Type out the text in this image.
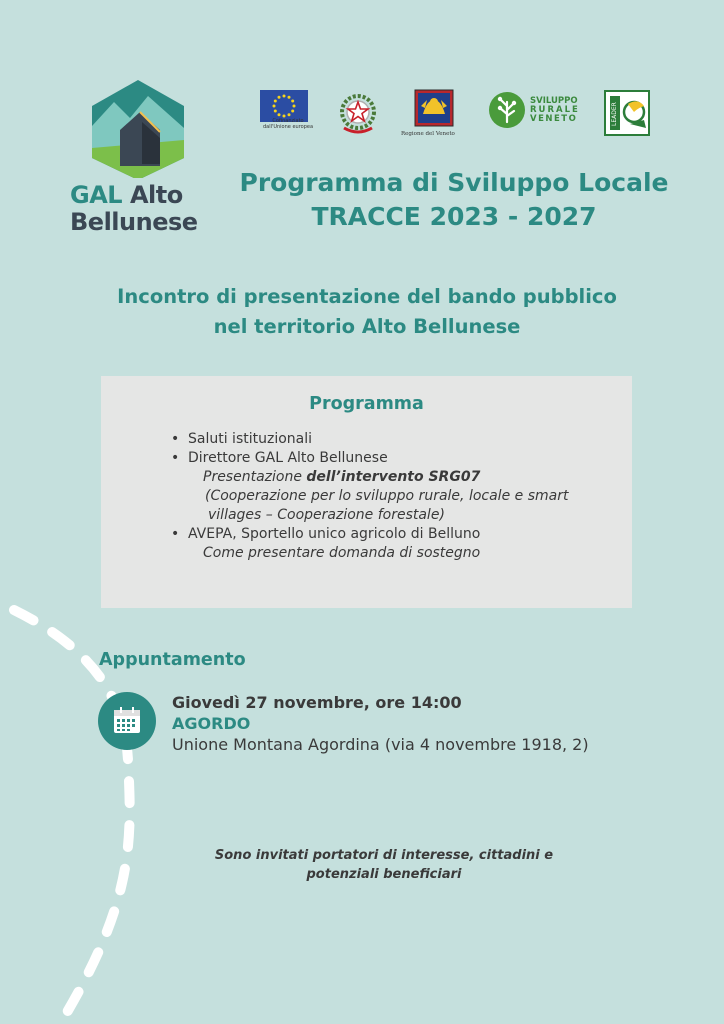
GAL Alto
Bellunese
Cofinanziato dall'Unione europea
Regione del Veneto
SVILUPPO
RURALE
VENETO	LEADER
Programma di Sviluppo Locale
TRACCE 2023 - 2027
Incontro di presentazione del bando pubblico
nel territorio Alto Bellunese
Programma
• Saluti istituzionali
• Direttore GAL Alto Bellunese
Presentazione dell’intervento SRG07
(Cooperazione per lo sviluppo rurale, locale e smart
villages – Cooperazione forestale)
• AVEPA, Sportello unico agricolo di Belluno
Come presentare domanda di sostegno
Appuntamento
Giovedì 27 novembre, ore 14:00
AGORDO
Unione Montana Agordina (via 4 novembre 1918, 2)
Sono invitati portatori di interesse, cittadini e
potenziali beneficiari
